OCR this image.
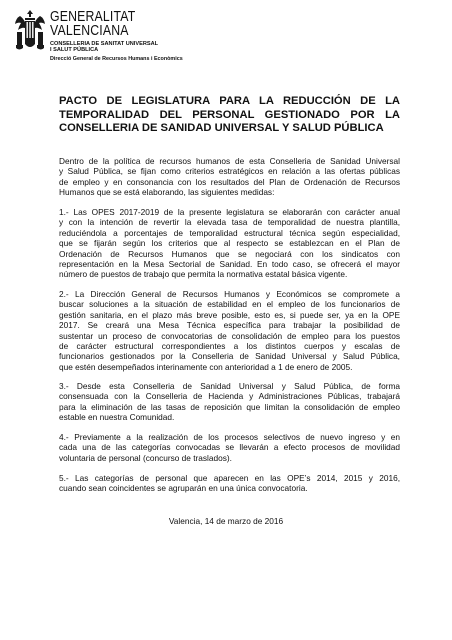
GENERALITAT
VALENCIANA
CONSELLERIA DE SANITAT UNIVERSAL
I SALUT PÚBLICA
Direcció General de Recursos Humans i Econòmics
PACTO DE LEGISLATURA PARA LA REDUCCIÓN DE LA
TEMPORALIDAD DEL PERSONAL GESTIONADO POR LA
CONSELLERIA DE SANIDAD UNIVERSAL Y SALUD PÚBLICA
Dentro de la política de recursos humanos de esta Conselleria de Sanidad Universal
y Salud Pública, se fijan como criterios estratégicos en relación a las ofertas públicas
de empleo y en consonancia con los resultados del Plan de Ordenación de Recursos
Humanos que se está elaborando, las siguientes medidas:
1.- Las OPES 2017-2019 de la presente legislatura se elaborarán con carácter anual
y con la intención de revertir la elevada tasa de temporalidad de nuestra plantilla,
reduciéndola a porcentajes de temporalidad estructural técnica según especialidad,
que se fijarán según los criterios que al respecto se establezcan en el Plan de
Ordenación de Recursos Humanos que se negociará con los sindicatos con
representación en la Mesa Sectorial de Sanidad. En todo caso, se ofrecerá el mayor
número de puestos de trabajo que permita la normativa estatal básica vigente.
2.- La Dirección General de Recursos Humanos y Económicos se compromete a
buscar soluciones a la situación de estabilidad en el empleo de los funcionarios de
gestión sanitaria, en el plazo más breve posible, esto es, si puede ser, ya en la OPE
2017. Se creará una Mesa Técnica específica para trabajar la posibilidad de
sustentar un proceso de convocatorias de consolidación de empleo para los puestos
de carácter estructural correspondientes a los distintos cuerpos y escalas de
funcionarios gestionados por la Conselleria de Sanidad Universal y Salud Pública,
que estén desempeñados interinamente con anterioridad a 1 de enero de 2005.
3.- Desde esta Conselleria de Sanidad Universal y Salud Pública, de forma
consensuada con la Conselleria de Hacienda y Administraciones Públicas, trabajará
para la eliminación de las tasas de reposición que limitan la consolidación de empleo
estable en nuestra Comunidad.
4.- Previamente a la realización de los procesos selectivos de nuevo ingreso y en
cada una de las categorías convocadas se llevarán a efecto procesos de movilidad
voluntaria de personal (concurso de traslados).
5.- Las categorías de personal que aparecen en las OPE’s 2014, 2015 y 2016,
cuando sean coincidentes se agruparán en una única convocatoria.
Valencia, 14 de marzo de 2016
